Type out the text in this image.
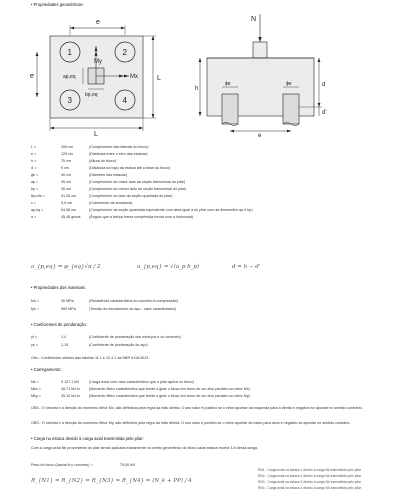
• Propriedades geométricas:
e
e	L
L
1	2
3	4
My
Mx
ap,eq
bp,eq
N
ϕe	ϕe
h
d
d'
e
L =	200 cm	(Comprimento das laterais do bloco)
e =	120 cm	(Distância entre o eixo das estacas)
h =	75 cm	(Altura do bloco)
d' =	9 cm	(Distância do topo da estaca até a base do bloco)
ϕe =	40 cm	(Diâmetro das estacas)
ap =	95 cm	(Comprimento do maior lado da seção transversal do pilar)
bp =	30 cm	(Comprimento do menor lado da seção transversal do pilar)
Bp,efe =	41,25 cm	(Comprimento do lado da seção quadrada do pilar)
c =	5,0 cm	(Cobrimento da armadura)
ap,eq =	54,98 cm	(Comprimento da seção quadrada equivalente com área igual a do pilar com as dimensões ap e bp)
α =	45,48 graus (Ângulo que a treliça forma comprimida forma com a horizontal)
a_{p,eq} = φ_{eq}√π / 2	a_{p,eq} = √(a_p b_p)	d = h − d'
• Propriedades dos materiais:
fck =	30 MPa	(Resistência característica do concreto à compressão)
fyk =	500 MPa	(Tensão de escoamento do aço - valor característico)
• Coeficientes de ponderação:
γf =	1,4	(Coeficiente de ponderação dos esforços e do concreto)
γs =	1,15	(Coeficiente de ponderação do aço)
Obs.: Coeficientes obtidos das tabelas 11.1 e 12.4.1 da NBR 6118:2023.
• Carregamento:
Nk =	3 107,1 kN	(Carga axial com valor característico que o pilar aplica no bloco)
Mkx =	45,71 kN.m (Momento fletor característico que tende a girar o bloco em torno de um eixo paralelo ao vetor Mx)
Mky =	35,10 kN.m (Momento fletor característico que tende a girar o bloco em torno de um eixo paralelo ao vetor My)
OBS.: O vetorial e a direção do momento fletor Mx, são definidos pela regra da mão direita. O seu valor é positivo se o vetor apontar da esquerda para a direita e negativo se apontar no sentido contrário.
OBS.: O vetorial e a direção do momento fletor My, são definidos pela regra da mão direita. O seu valor é positivo se o vetor apontar de baixo para cima e negativo se apontar no sentido contrário.
• Carga na estaca devido à carga axial transmitida pelo pilar:
Com a carga axial Nk proveniente do pilar sendo aplicada exatamente no centro geométrico do bloco cada estaca recebe 1/4 dessa carga.
Peso do bloco (Aaxial·h·γ concreto) =	75,00 kN
R_{N1} = R_{N2} = R_{N3} = R_{N4} = (N_k + PP) / 4
RN1 - Carga axial na estaca 1 devido à carga Nk transmitida pelo pilar
RN2 - Carga axial na estaca 2 devido à carga Nk transmitida pelo pilar
RN3 - Carga axial na estaca 3 devido à carga Nk transmitida pelo pilar
RN4 - Carga axial na estaca 4 devido à carga Nk transmitida pelo pilar
